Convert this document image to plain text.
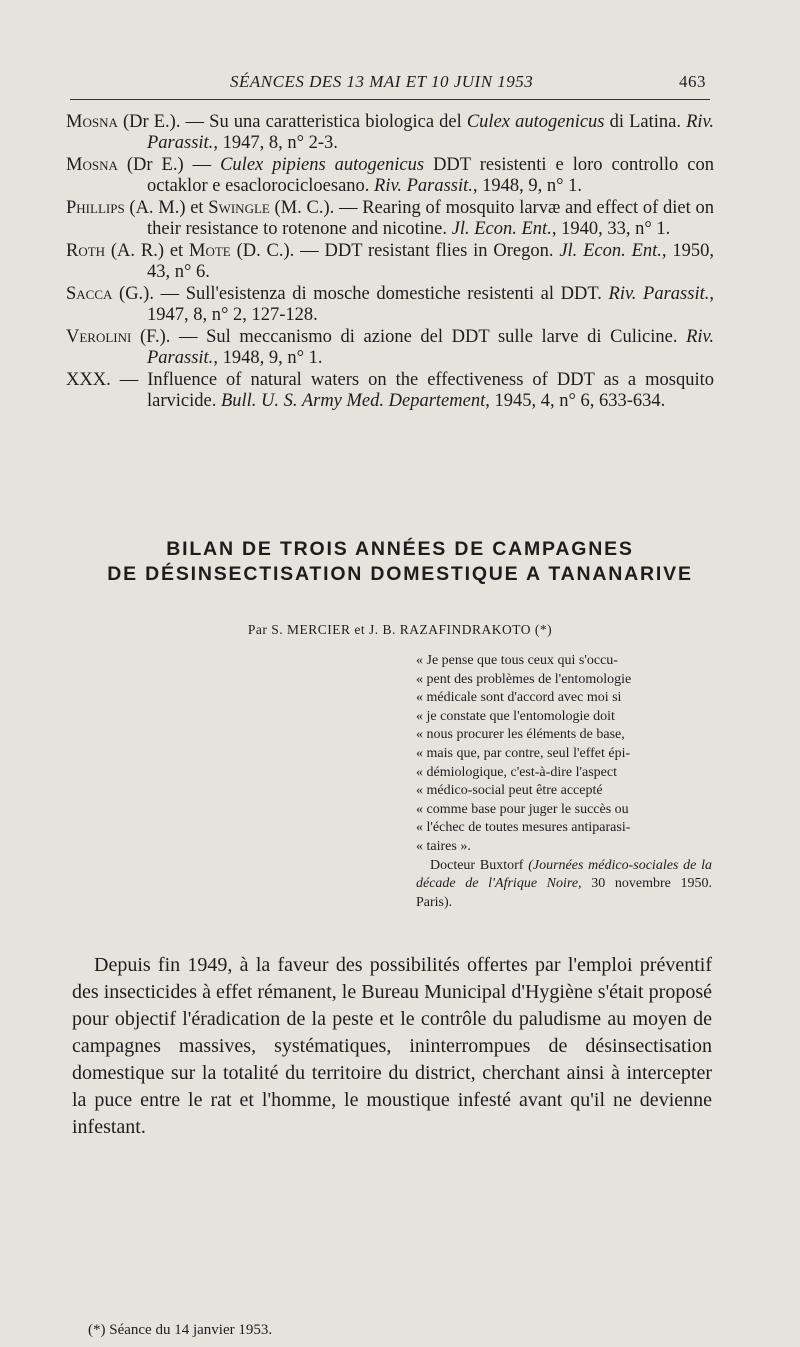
SÉANCES DES 13 MAI ET 10 JUIN 1953	463
Mosna (Dr E.). — Su una caratteristica biologica del Culex autogenicus di Latina. Riv. Parassit., 1947, 8, n° 2-3.
Mosna (Dr E.) — Culex pipiens autogenicus DDT resistenti e loro controllo con octaklor e esaclorocicloesano. Riv. Parassit., 1948, 9, n° 1.
Phillips (A. M.) et Swingle (M. C.). — Rearing of mosquito larvæ and effect of diet on their resistance to rotenone and nicotine. Jl. Econ. Ent., 1940, 33, n° 1.
Roth (A. R.) et Mote (D. C.). — DDT resistant flies in Oregon. Jl. Econ. Ent., 1950, 43, n° 6.
Sacca (G.). — Sull'esistenza di mosche domestiche resistenti al DDT. Riv. Parassit., 1947, 8, n° 2, 127-128.
Verolini (F.). — Sul meccanismo di azione del DDT sulle larve di Culicine. Riv. Parassit., 1948, 9, n° 1.
XXX. — Influence of natural waters on the effectiveness of DDT as a mosquito larvicide. Bull. U. S. Army Med. Departement, 1945, 4, n° 6, 633-634.
BILAN DE TROIS ANNÉES DE CAMPAGNES
DE DÉSINSECTISATION DOMESTIQUE A TANANARIVE
Par S. MERCIER et J. B. RAZAFINDRAKOTO (*)
« Je pense que tous ceux qui s'occu-
« pent des problèmes de l'entomologie
« médicale sont d'accord avec moi si
« je constate que l'entomologie doit
« nous procurer les éléments de base,
« mais que, par contre, seul l'effet épi-
« démiologique, c'est-à-dire l'aspect
« médico-social peut être accepté
« comme base pour juger le succès ou
« l'échec de toutes mesures antiparasi-
« taires ».
Docteur Buxtorf (Journées médico-sociales de la décade de l'Afrique Noire, 30 novembre 1950. Paris).

Depuis fin 1949, à la faveur des possibilités offertes par l'emploi préventif des insecticides à effet rémanent, le Bureau Municipal d'Hygiène s'était proposé pour objectif l'éradication de la peste et le contrôle du paludisme au moyen de campagnes massives, systématiques, ininterrompues de désinsectisation domestique sur la totalité du territoire du district, cherchant ainsi à intercepter la puce entre le rat et l'homme, le moustique infesté avant qu'il ne devienne infestant.

(*) Séance du 14 janvier 1953.
